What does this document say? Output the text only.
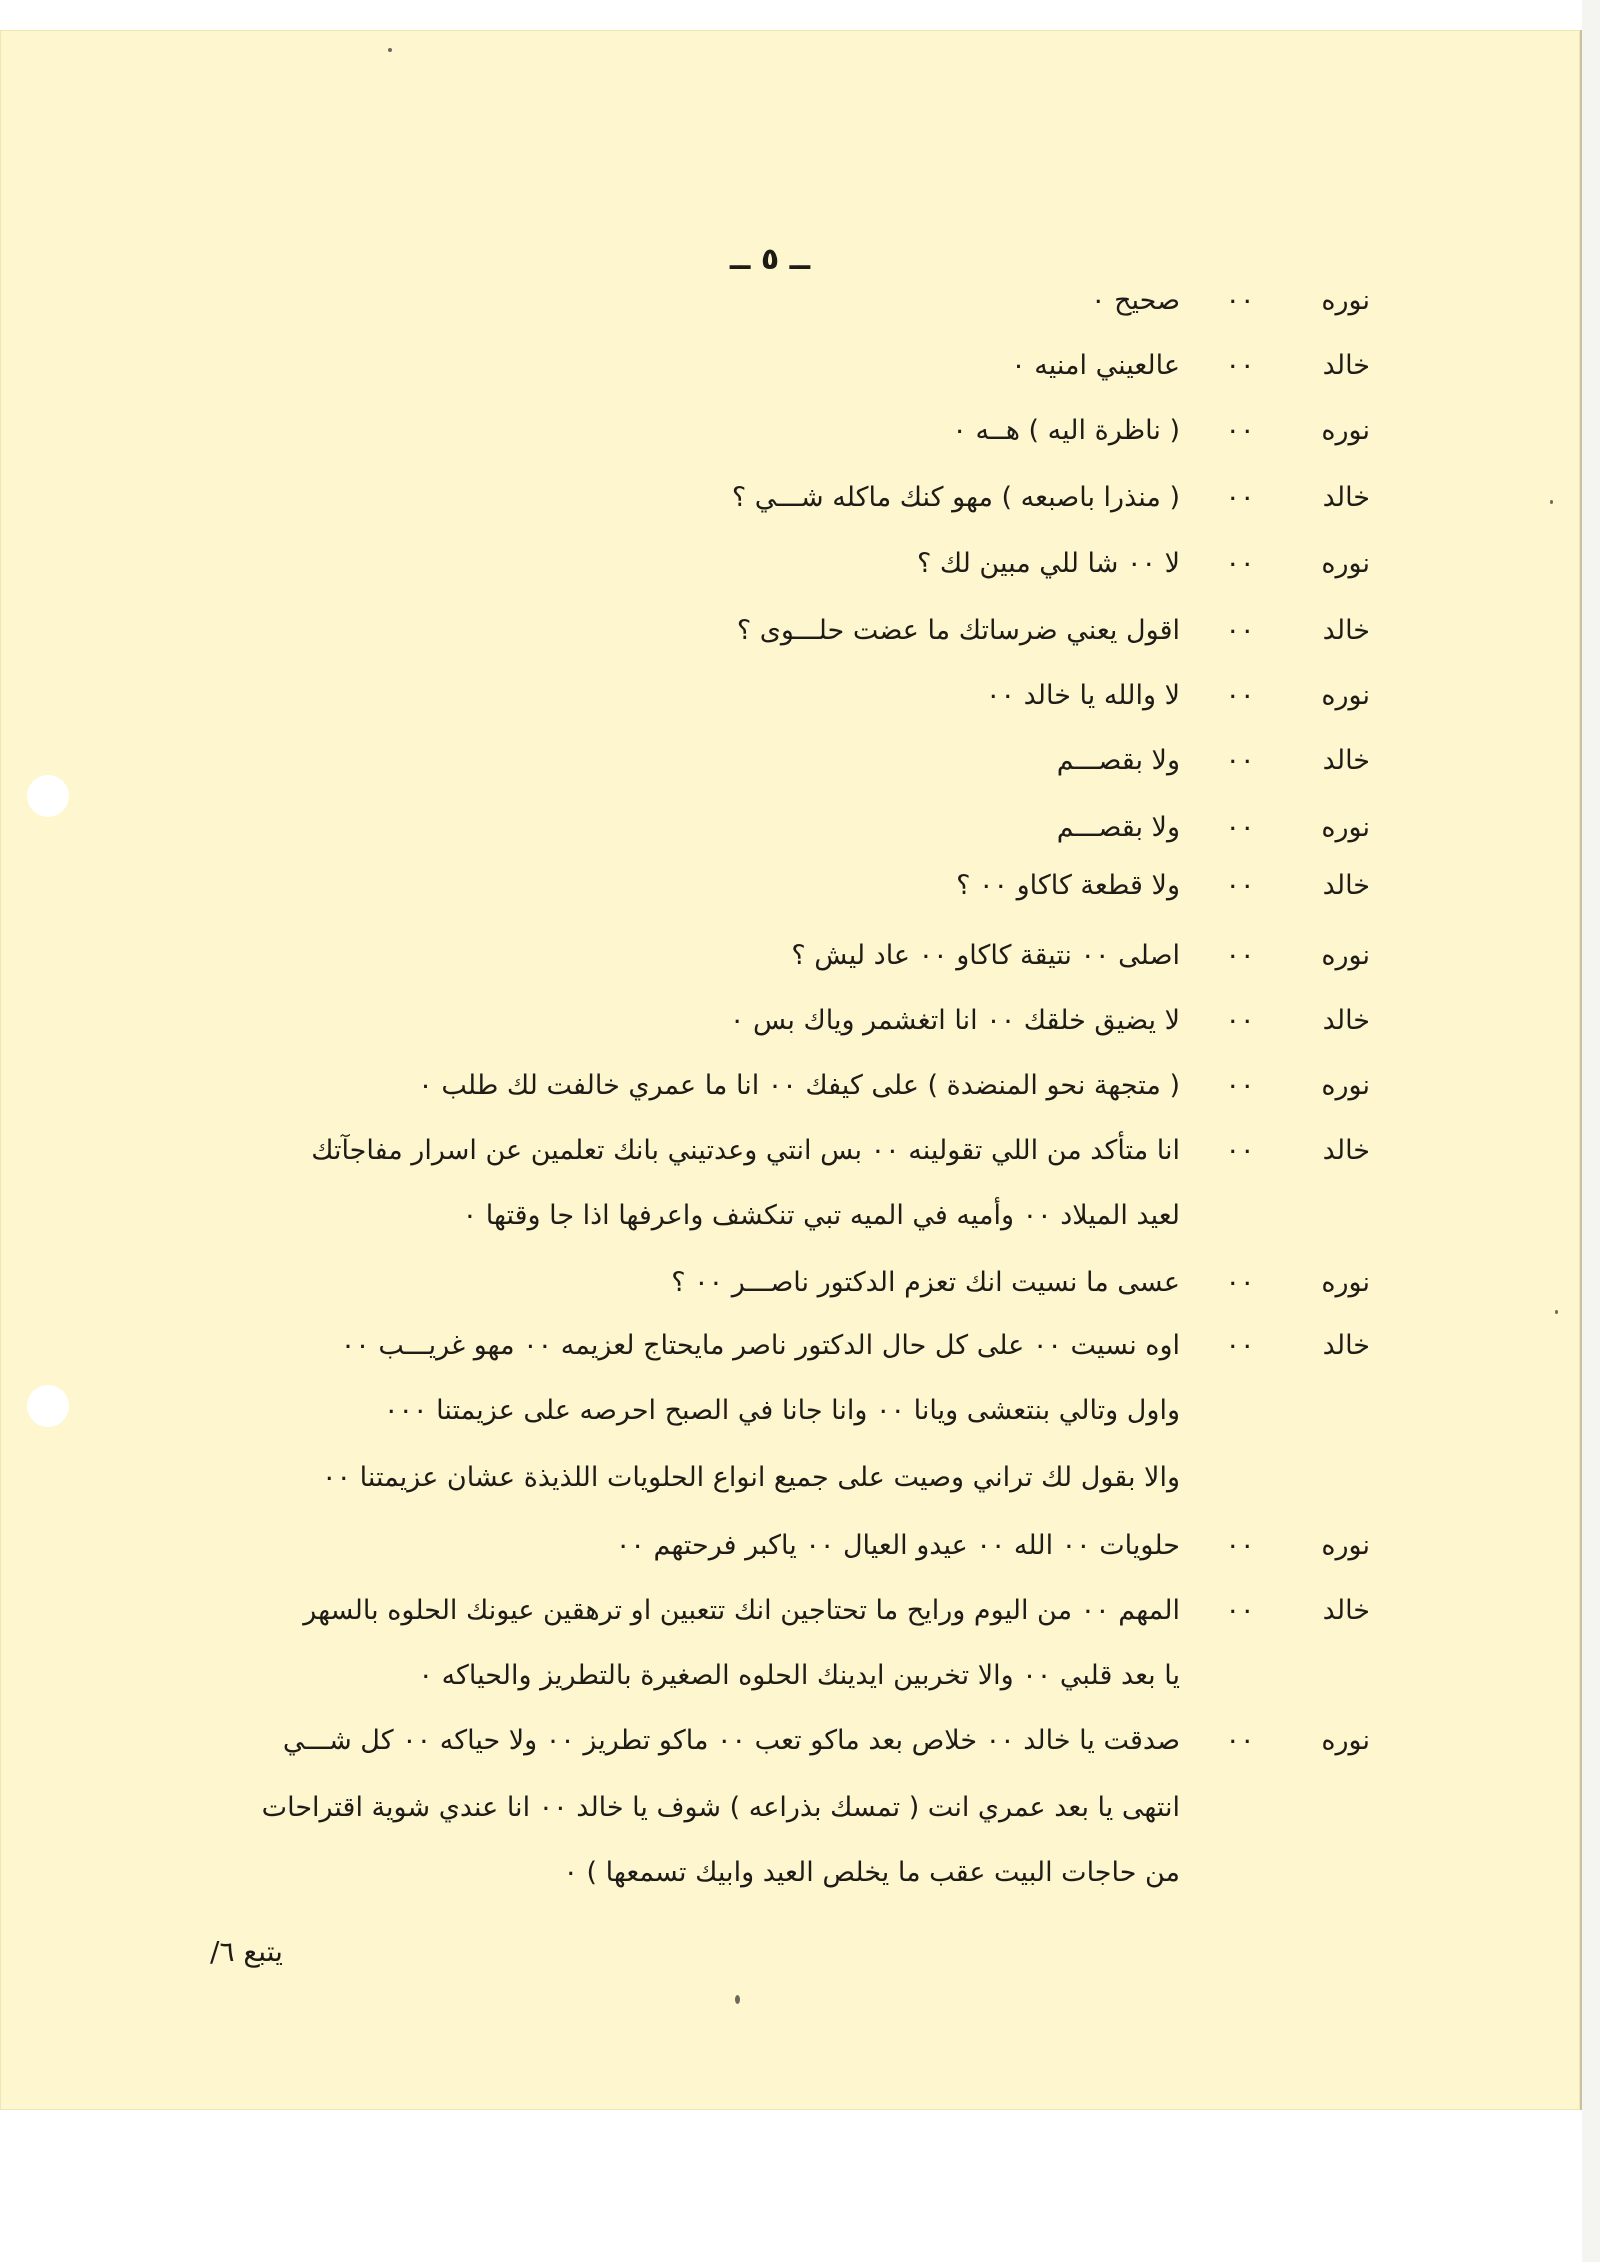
ــ ٥ ــ
نوره
٠٠
صحيح ٠
خالد
٠٠
عالعيني امنيه ٠
نوره
٠٠
( ناظرة اليه ) هــه ٠
خالد
٠٠
( منذرا باصبعه ) مهو كنك ماكله شـــي ؟
نوره
٠٠
لا ٠٠ شا للي مبين لك ؟
خالد
٠٠
اقول يعني ضرساتك ما عضت حلـــوى ؟
نوره
٠٠
لا والله يا خالد ٠٠
خالد
٠٠
ولا بقصـــم
نوره
٠٠
ولا بقصـــم
خالد
٠٠
ولا قطعة كاكاو ٠٠ ؟
نوره
٠٠
اصلى ٠٠ نتيقة كاكاو ٠٠ عاد ليش ؟
خالد
٠٠
لا يضيق خلقك ٠٠ انا اتغشمر وياك بس ٠
نوره
٠٠
( متجهة نحو المنضدة ) على كيفك ٠٠ انا ما عمري خالفت لك طلب ٠
خالد
٠٠
انا متأكد من اللي تقولينه ٠٠ بس انتي وعدتيني بانك تعلمين عن اسرار مفاجآتك
لعيد الميلاد ٠٠ وأميه في الميه تبي تنكشف واعرفها اذا جا وقتها ٠
نوره
٠٠
عسى ما نسيت انك تعزم الدكتور ناصـــر ٠٠ ؟
خالد
٠٠
اوه نسيت ٠٠ على كل حال الدكتور ناصر مايحتاج لعزيمه ٠٠ مهو غريـــب ٠٠
واول وتالي بنتعشى ويانا ٠٠ وانا جانا في الصبح احرصه على عزيمتنا ٠٠٠
والا بقول لك تراني وصيت على جميع انواع الحلويات اللذيذة عشان عزيمتنا ٠٠
نوره
٠٠
حلويات ٠٠ الله ٠٠ عيدو العيال ٠٠ ياكبر فرحتهم ٠٠
خالد
٠٠
المهم ٠٠ من اليوم ورايح ما تحتاجين انك تتعبين او ترهقين عيونك الحلوه بالسهر
يا بعد قلبي ٠٠ والا تخربين ايدينك الحلوه الصغيرة بالتطريز والحياكه ٠
نوره
٠٠
صدقت يا خالد ٠٠ خلاص بعد ماكو تعب ٠٠ ماكو تطريز ٠٠ ولا حياكه ٠٠ كل شـــي
انتهى يا بعد عمري انت ( تمسك بذراعه ) شوف يا خالد ٠٠ انا عندي شوية اقتراحات
من حاجات البيت عقب ما يخلص العيد وابيك تسمعها ) ٠
يتبع ٦/
